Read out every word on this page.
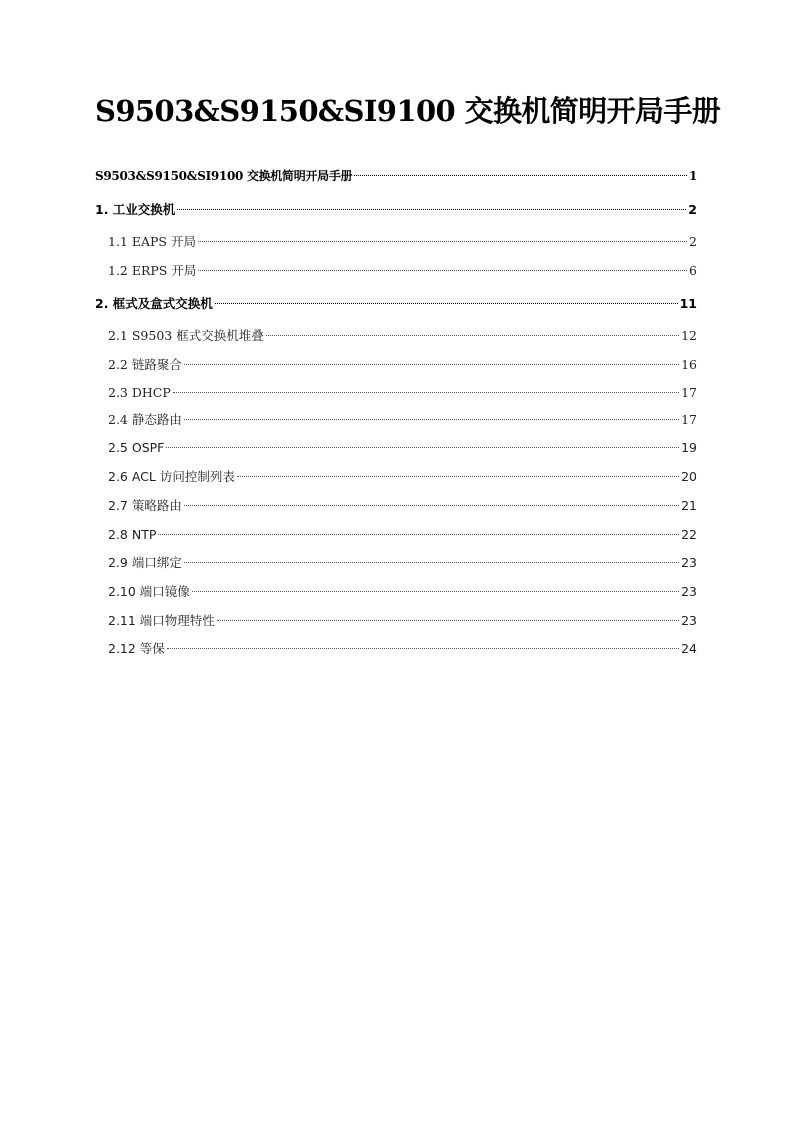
S9503&S9150&SI9100 交换机简明开局手册
S9503&S9150&SI9100 交换机简明开局手册	1
1. 工业交换机	2
1.1 EAPS 开局	2
1.2 ERPS 开局	6
2. 框式及盒式交换机	11
2.1 S9503 框式交换机堆叠	12
2.2 链路聚合	16
2.3 DHCP	17
2.4 静态路由	17
2.5 OSPF	19
2.6 ACL 访问控制列表	20
2.7 策略路由	21
2.8 NTP	22
2.9 端口绑定	23
2.10 端口镜像	23
2.11 端口物理特性	23
2.12 等保	24
